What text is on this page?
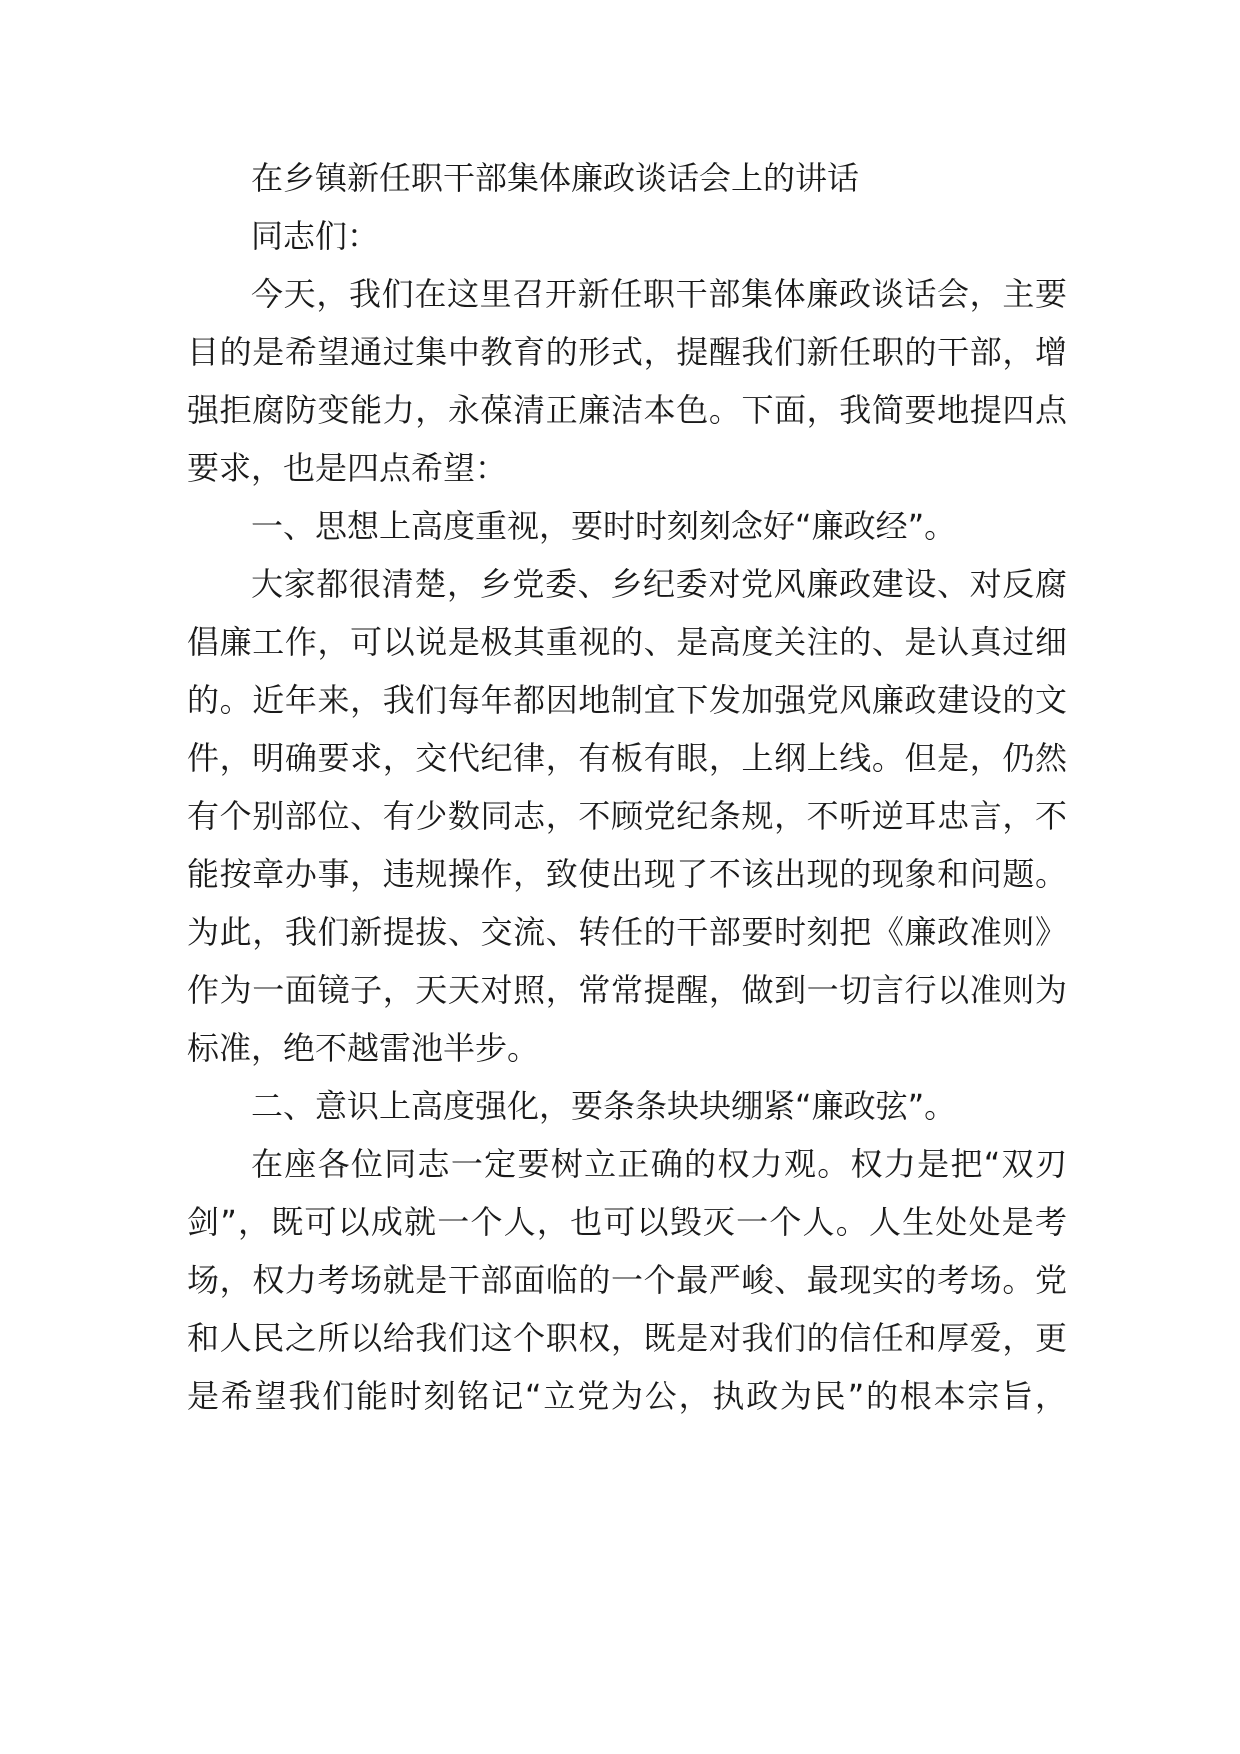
在乡镇新任职干部集体廉政谈话会上的讲话
同志们：
今天，我们在这里召开新任职干部集体廉政谈话会，主要
目的是希望通过集中教育的形式，提醒我们新任职的干部，增
强拒腐防变能力，永葆清正廉洁本色。下面，我简要地提四点
要求，也是四点希望：
一、思想上高度重视，要时时刻刻念好“廉政经”。
大家都很清楚，乡党委、乡纪委对党风廉政建设、对反腐
倡廉工作，可以说是极其重视的、是高度关注的、是认真过细
的。近年来，我们每年都因地制宜下发加强党风廉政建设的文
件，明确要求，交代纪律，有板有眼，上纲上线。但是，仍然
有个别部位、有少数同志，不顾党纪条规，不听逆耳忠言，不
能按章办事，违规操作，致使出现了不该出现的现象和问题。
为此，我们新提拔、交流、转任的干部要时刻把《廉政准则》
作为一面镜子，天天对照，常常提醒，做到一切言行以准则为
标准，绝不越雷池半步。
二、意识上高度强化，要条条块块绷紧“廉政弦”。
在座各位同志一定要树立正确的权力观。权力是把“双刃
剑”，既可以成就一个人，也可以毁灭一个人。人生处处是考
场，权力考场就是干部面临的一个最严峻、最现实的考场。党
和人民之所以给我们这个职权，既是对我们的信任和厚爱，更
是希望我们能时刻铭记“立党为公，执政为民”的根本宗旨，
